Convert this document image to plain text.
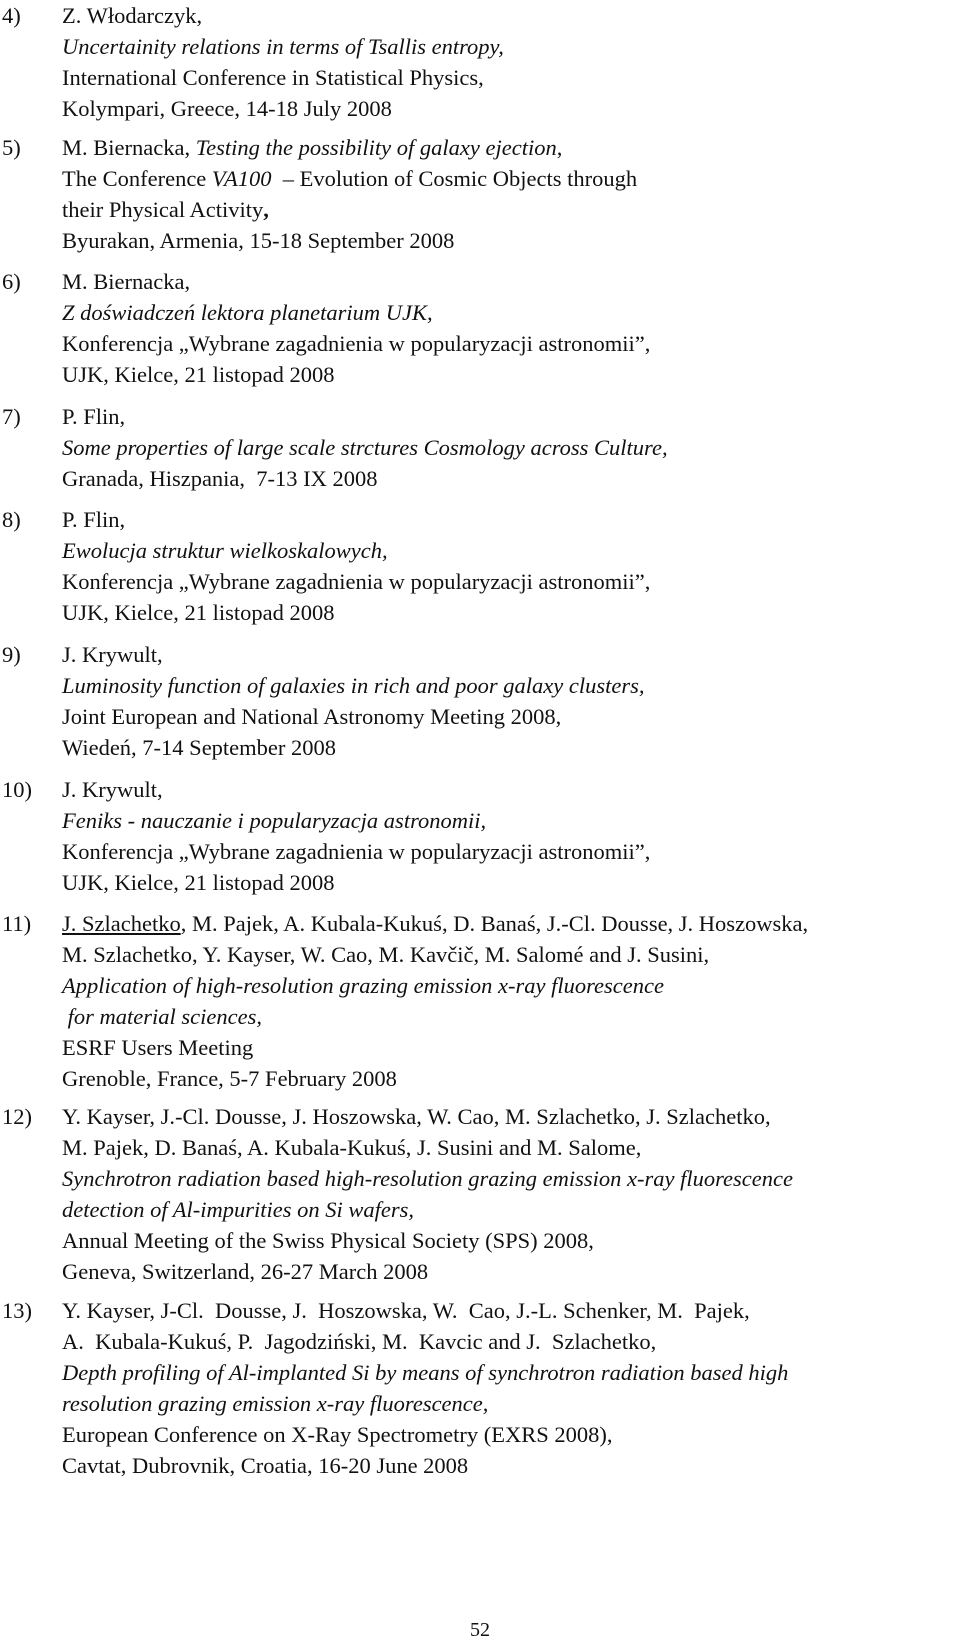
4) Z. Włodarczyk,
Uncertainity relations in terms of Tsallis entropy,
International Conference in Statistical Physics,
Kolympari, Greece, 14-18 July 2008
5) M. Biernacka, Testing the possibility of galaxy ejection,
The Conference VA100  – Evolution of Cosmic Objects through
their Physical Activity,
Byurakan, Armenia, 15-18 September 2008
6) M. Biernacka,
Z doświadczeń lektora planetarium UJK,
Konferencja „Wybrane zagadnienia w popularyzacji astronomii”,
UJK, Kielce, 21 listopad 2008
7) P. Flin,
Some properties of large scale strctures Cosmology across Culture,
Granada, Hiszpania,  7-13 IX 2008
8) P. Flin,
Ewolucja struktur wielkoskalowych,
Konferencja „Wybrane zagadnienia w popularyzacji astronomii”,
UJK, Kielce, 21 listopad 2008
9) J. Krywult,
Luminosity function of galaxies in rich and poor galaxy clusters,
Joint European and National Astronomy Meeting 2008,
Wiedeń, 7-14 September 2008
10) J. Krywult,
Feniks - nauczanie i popularyzacja astronomii,
Konferencja „Wybrane zagadnienia w popularyzacji astronomii”,
UJK, Kielce, 21 listopad 2008
11) J. Szlachetko, M. Pajek, A. Kubala-Kukuś, D. Banaś, J.-Cl. Dousse, J. Hoszowska,
M. Szlachetko, Y. Kayser, W. Cao, M. Kavčič, M. Salomé and J. Susini,
Application of high-resolution grazing emission x-ray fluorescence
for material sciences,
ESRF Users Meeting
Grenoble, France, 5-7 February 2008
12) Y. Kayser, J.-Cl. Dousse, J. Hoszowska, W. Cao, M. Szlachetko, J. Szlachetko,
M. Pajek, D. Banaś, A. Kubala-Kukuś, J. Susini and M. Salome,
Synchrotron radiation based high-resolution grazing emission x-ray fluorescence
detection of Al-impurities on Si wafers,
Annual Meeting of the Swiss Physical Society (SPS) 2008,
Geneva, Switzerland, 26-27 March 2008
13) Y. Kayser, J-Cl.  Dousse, J.  Hoszowska, W.  Cao, J.-L. Schenker, M.  Pajek,
A.  Kubala-Kukuś, P.  Jagodziński, M.  Kavcic and J.  Szlachetko,
Depth profiling of Al-implanted Si by means of synchrotron radiation based high
resolution grazing emission x-ray fluorescence,
European Conference on X-Ray Spectrometry (EXRS 2008),
Cavtat, Dubrovnik, Croatia, 16-20 June 2008
52
